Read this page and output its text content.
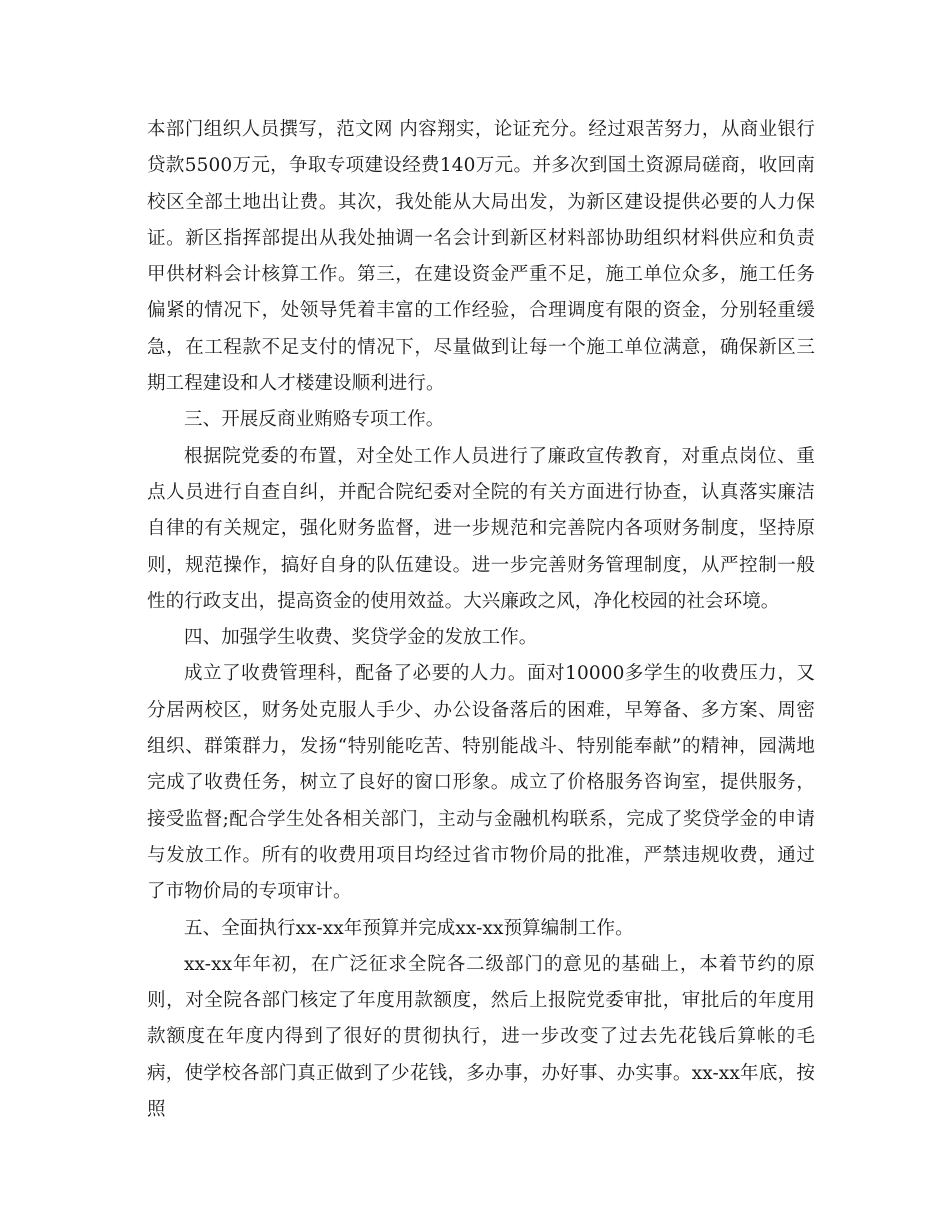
本部门组织人员撰写，范文网 内容翔实，论证充分。经过艰苦努力，从商业银行贷款5500万元，争取专项建设经费140万元。并多次到国土资源局磋商，收回南校区全部土地出让费。其次，我处能从大局出发，为新区建设提供必要的人力保证。新区指挥部提出从我处抽调一名会计到新区材料部协助组织材料供应和负责甲供材料会计核算工作。第三，在建设资金严重不足，施工单位众多，施工任务偏紧的情况下，处领导凭着丰富的工作经验，合理调度有限的资金，分别轻重缓急，在工程款不足支付的情况下，尽量做到让每一个施工单位满意，确保新区三期工程建设和人才楼建设顺利进行。

三、开展反商业贿赂专项工作。

根据院党委的布置，对全处工作人员进行了廉政宣传教育，对重点岗位、重点人员进行自查自纠，并配合院纪委对全院的有关方面进行协查，认真落实廉洁自律的有关规定，强化财务监督，进一步规范和完善院内各项财务制度，坚持原则，规范操作，搞好自身的队伍建设。进一步完善财务管理制度，从严控制一般性的行政支出，提高资金的使用效益。大兴廉政之风，净化校园的社会环境。

四、加强学生收费、奖贷学金的发放工作。

成立了收费管理科，配备了必要的人力。面对10000多学生的收费压力，又分居两校区，财务处克服人手少、办公设备落后的困难，早筹备、多方案、周密组织、群策群力，发扬“特别能吃苦、特别能战斗、特别能奉献”的精神，园满地完成了收费任务，树立了良好的窗口形象。成立了价格服务咨询室，提供服务，接受监督;配合学生处各相关部门，主动与金融机构联系，完成了奖贷学金的申请与发放工作。所有的收费用项目均经过省市物价局的批准，严禁违规收费，通过了市物价局的专项审计。

五、全面执行xx-xx年预算并完成xx-xx预算编制工作。

xx-xx年年初，在广泛征求全院各二级部门的意见的基础上，本着节约的原则，对全院各部门核定了年度用款额度，然后上报院党委审批，审批后的年度用款额度在年度内得到了很好的贯彻执行，进一步改变了过去先花钱后算帐的毛病，使学校各部门真正做到了少花钱，多办事，办好事、办实事。xx-xx年底，按照
